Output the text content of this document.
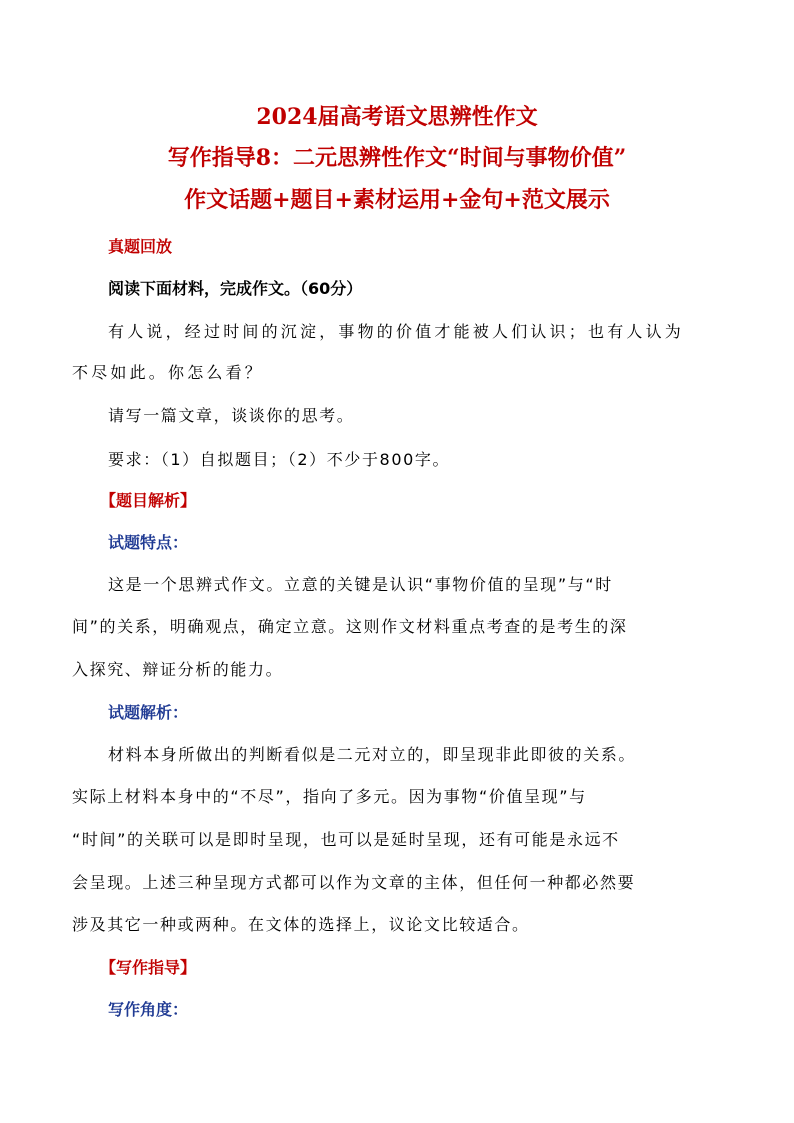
2024届高考语文思辨性作文
写作指导8：二元思辨性作文“时间与事物价值”
作文话题+题目+素材运用+金句+范文展示
真题回放
阅读下面材料，完成作文。（60分）
有人说，经过时间的沉淀，事物的价值才能被人们认识；也有人认为
不尽如此。你怎么看？
请写一篇文章，谈谈你的思考。
要求：（1）自拟题目；（2）不少于800字。
【题目解析】
试题特点：
这是一个思辨式作文。立意的关键是认识“事物价值的呈现”与“时
间”的关系，明确观点，确定立意。这则作文材料重点考查的是考生的深
入探究、辩证分析的能力。
试题解析：
材料本身所做出的判断看似是二元对立的，即呈现非此即彼的关系。
实际上材料本身中的“不尽”，指向了多元。因为事物“价值呈现”与
“时间”的关联可以是即时呈现，也可以是延时呈现，还有可能是永远不
会呈现。上述三种呈现方式都可以作为文章的主体，但任何一种都必然要
涉及其它一种或两种。在文体的选择上，议论文比较适合。
【写作指导】
写作角度：
